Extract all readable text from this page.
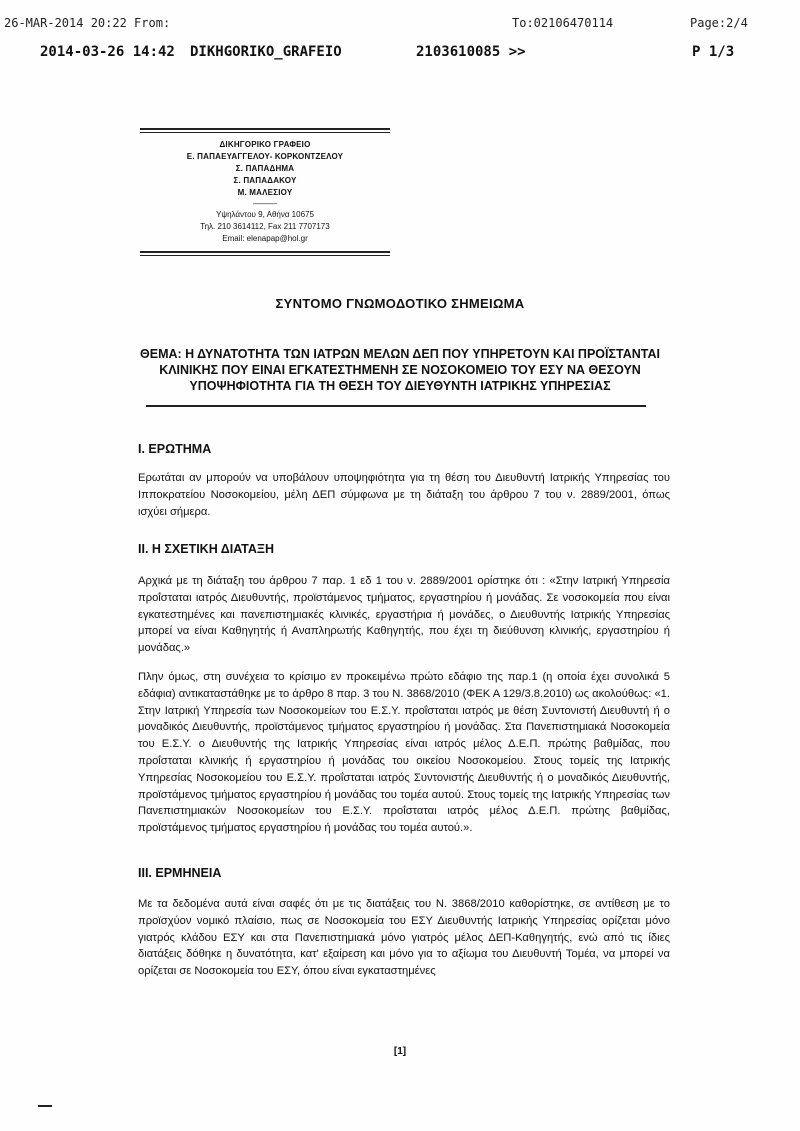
26-MAR-2014 20:22 From:	To:02106470114	Page:2/4
2014-03-26 14:42 DIKHGORIKO_GRAFEIO	2103610085 >>	P 1/3
ΔΙΚΗΓΟΡΙΚΟ ΓΡΑΦΕΙΟ
Ε. ΠΑΠΑΕΥΑΓΓΕΛΟΥ- ΚΟΡΚΟΝΤΖΕΛΟΥ
Σ. ΠΑΠΑΔΗΜΑ
Σ. ΠΑΠΑΔΑΚΟΥ
Μ. ΜΑΛΕΣΙΟΥ
———
Υψηλάντου 9, Αθήνα 10675
Τηλ. 210 3614112, Fax 211 7707173
Email: elenapap@hol.gr
ΣΥΝΤΟΜΟ ΓΝΩΜΟΔΟΤΙΚΟ ΣΗΜΕΙΩΜΑ
ΘΕΜΑ: Η ΔΥΝΑΤΟΤΗΤΑ ΤΩΝ ΙΑΤΡΩΝ ΜΕΛΩΝ ΔΕΠ ΠΟΥ ΥΠΗΡΕΤΟΥΝ ΚΑΙ ΠΡΟΪΣΤΑΝΤΑΙ ΚΛΙΝΙΚΗΣ ΠΟΥ ΕΙΝΑΙ ΕΓΚΑΤΕΣΤΗΜΕΝΗ ΣΕ ΝΟΣΟΚΟΜΕΙΟ ΤΟΥ ΕΣΥ ΝΑ ΘΕΣΟΥΝ ΥΠΟΨΗΦΙΟΤΗΤΑ ΓΙΑ ΤΗ ΘΕΣΗ ΤΟΥ ΔΙΕΥΘΥΝΤΗ ΙΑΤΡΙΚΗΣ ΥΠΗΡΕΣΙΑΣ
Ι. ΕΡΩΤΗΜΑ
Ερωτάται αν μπορούν να υποβάλουν υποψηφιότητα για τη θέση του Διευθυντή Ιατρικής Υπηρεσίας του Ιπποκρατείου Νοσοκομείου, μέλη ΔΕΠ σύμφωνα με τη διάταξη του άρθρου 7 του ν. 2889/2001, όπως ισχύει σήμερα.
ΙΙ. Η ΣΧΕΤΙΚΗ ΔΙΑΤΑΞΗ
Αρχικά με τη διάταξη του άρθρου 7 παρ. 1 εδ 1 του ν. 2889/2001 ορίστηκε ότι : «Στην Ιατρική Υπηρεσία προΐσταται ιατρός Διευθυντής, προϊστάμενος τμήματος, εργαστηρίου ή μονάδας. Σε νοσοκομεία που είναι εγκατεστημένες και πανεπιστημιακές κλινικές, εργαστήρια ή μονάδες, ο Διευθυντής Ιατρικής Υπηρεσίας μπορεί να είναι Καθηγητής ή Αναπληρωτής Καθηγητής, που έχει τη διεύθυνση κλινικής, εργαστηρίου ή μονάδας.»
Πλην όμως, στη συνέχεια το κρίσιμο εν προκειμένω πρώτο εδάφιο της παρ.1 (η οποία έχει συνολικά 5 εδάφια) αντικαταστάθηκε με το άρθρο 8 παρ. 3 του Ν. 3868/2010 (ΦΕΚ Α 129/3.8.2010) ως ακολούθως: «1. Στην Ιατρική Υπηρεσία των Νοσοκομείων του Ε.Σ.Υ. προΐσταται ιατρός με θέση Συντονιστή Διευθυντή ή ο μοναδικός Διευθυντής, προϊστάμενος τμήματος εργαστηρίου ή μονάδας. Στα Πανεπιστημιακά Νοσοκομεία του Ε.Σ.Υ. ο Διευθυντής της Ιατρικής Υπηρεσίας είναι ιατρός μέλος Δ.Ε.Π. πρώτης βαθμίδας, που προΐσταται κλινικής ή εργαστηρίου ή μονάδας του οικείου Νοσοκομείου. Στους τομείς της Ιατρικής Υπηρεσίας Νοσοκομείου του Ε.Σ.Υ. προΐσταται ιατρός Συντονιστής Διευθυντής ή ο μοναδικός Διευθυντής, προϊστάμενος τμήματος εργαστηρίου ή μονάδας του τομέα αυτού. Στους τομείς της Ιατρικής Υπηρεσίας των Πανεπιστημιακών Νοσοκομείων του Ε.Σ.Υ. προΐσταται ιατρός μέλος Δ.Ε.Π. πρώτης βαθμίδας, προϊστάμενος τμήματος εργαστηρίου ή μονάδας του τομέα αυτού.».
ΙΙΙ. ΕΡΜΗΝΕΙΑ
Με τα δεδομένα αυτά είναι σαφές ότι με τις διατάξεις του Ν. 3868/2010 καθορίστηκε, σε αντίθεση με το προϊσχύον νομικό πλαίσιο, πως σε Νοσοκομεία του ΕΣΥ Διευθυντής Ιατρικής Υπηρεσίας ορίζεται μόνο γιατρός κλάδου ΕΣΥ και στα Πανεπιστημιακά μόνο γιατρός μέλος ΔΕΠ-Καθηγητής, ενώ από τις ίδιες διατάξεις δόθηκε η δυνατότητα, κατ' εξαίρεση και μόνο για το αξίωμα του Διευθυντή Τομέα, να μπορεί να ορίζεται σε Νοσοκομεία του ΕΣΥ, όπου είναι εγκαταστημένες
[1]
